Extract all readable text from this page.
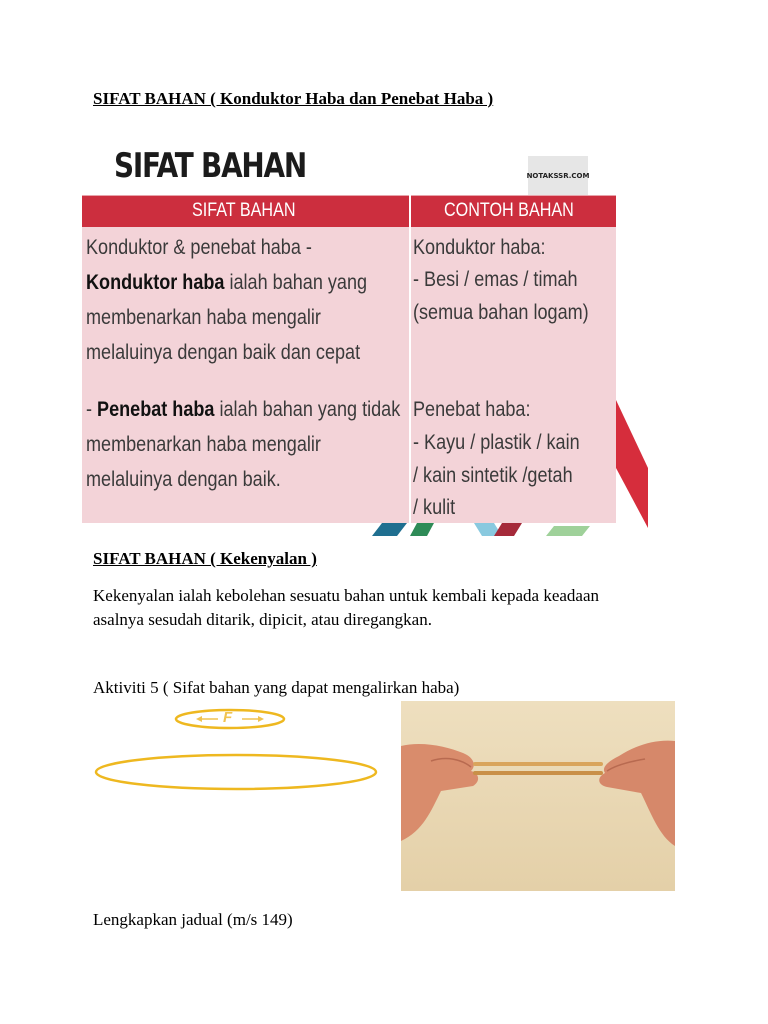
SIFAT BAHAN ( Konduktor Haba dan Penebat Haba )
SIFAT BAHAN	NOTAKSSR.COM
SIFAT BAHAN	CONTOH BAHAN
Konduktor & penebat haba -
Konduktor haba ialah bahan yang
membenarkan haba mengalir
melaluinya dengan baik dan cepat
- Penebat haba ialah bahan yang tidak
membenarkan haba mengalir
melaluinya dengan baik.
Konduktor haba:
- Besi / emas / timah
(semua bahan logam)
Penebat haba:
- Kayu / plastik / kain
/ kain sintetik /getah
/ kulit
SIFAT BAHAN ( Kekenyalan )
Kekenyalan ialah kebolehan sesuatu bahan untuk kembali kepada keadaan asalnya sesudah ditarik, dipicit, atau diregangkan.
Aktiviti 5 ( Sifat bahan yang dapat mengalirkan haba)
F
Lengkapkan jadual (m/s 149)
